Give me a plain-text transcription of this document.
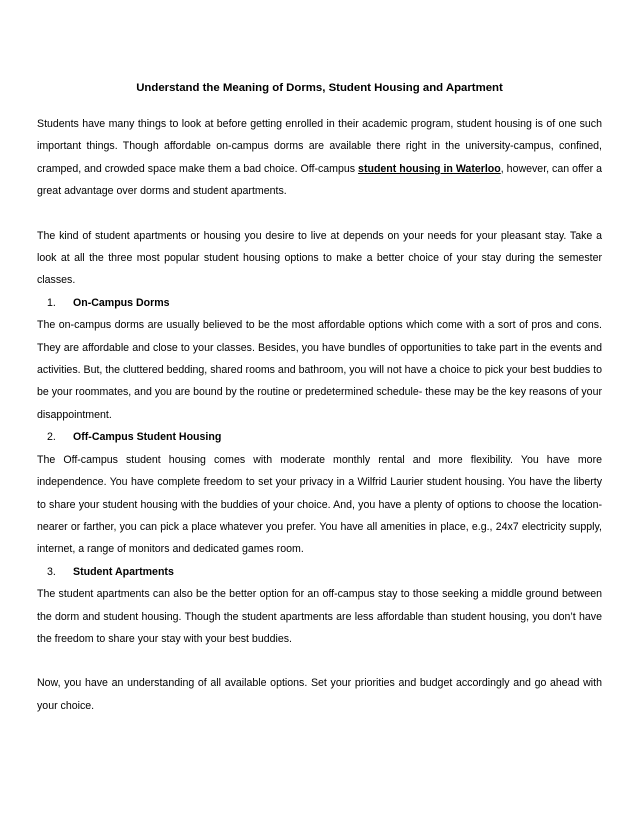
Understand the Meaning of Dorms, Student Housing and Apartment

Students have many things to look at before getting enrolled in their academic program, student housing is of one such important things. Though affordable on-campus dorms are available there right in the university-campus, confined, cramped, and crowded space make them a bad choice. Off-campus student housing in Waterloo, however, can offer a great advantage over dorms and student apartments.

The kind of student apartments or housing you desire to live at depends on your needs for your pleasant stay. Take a look at all the three most popular student housing options to make a better choice of your stay during the semester classes.

1. On-Campus Dorms

The on-campus dorms are usually believed to be the most affordable options which come with a sort of pros and cons. They are affordable and close to your classes. Besides, you have bundles of opportunities to take part in the events and activities. But, the cluttered bedding, shared rooms and bathroom, you will not have a choice to pick your best buddies to be your roommates, and you are bound by the routine or predetermined schedule- these may be the key reasons of your disappointment.

2. Off-Campus Student Housing

The Off-campus student housing comes with moderate monthly rental and more flexibility. You have more independence. You have complete freedom to set your privacy in a Wilfrid Laurier student housing. You have the liberty to share your student housing with the buddies of your choice. And, you have a plenty of options to choose the location- nearer or farther, you can pick a place whatever you prefer. You have all amenities in place, e.g., 24x7 electricity supply, internet, a range of monitors and dedicated games room.

3. Student Apartments

The student apartments can also be the better option for an off-campus stay to those seeking a middle ground between the dorm and student housing. Though the student apartments are less affordable than student housing, you don’t have the freedom to share your stay with your best buddies.

Now, you have an understanding of all available options. Set your priorities and budget accordingly and go ahead with your choice.
